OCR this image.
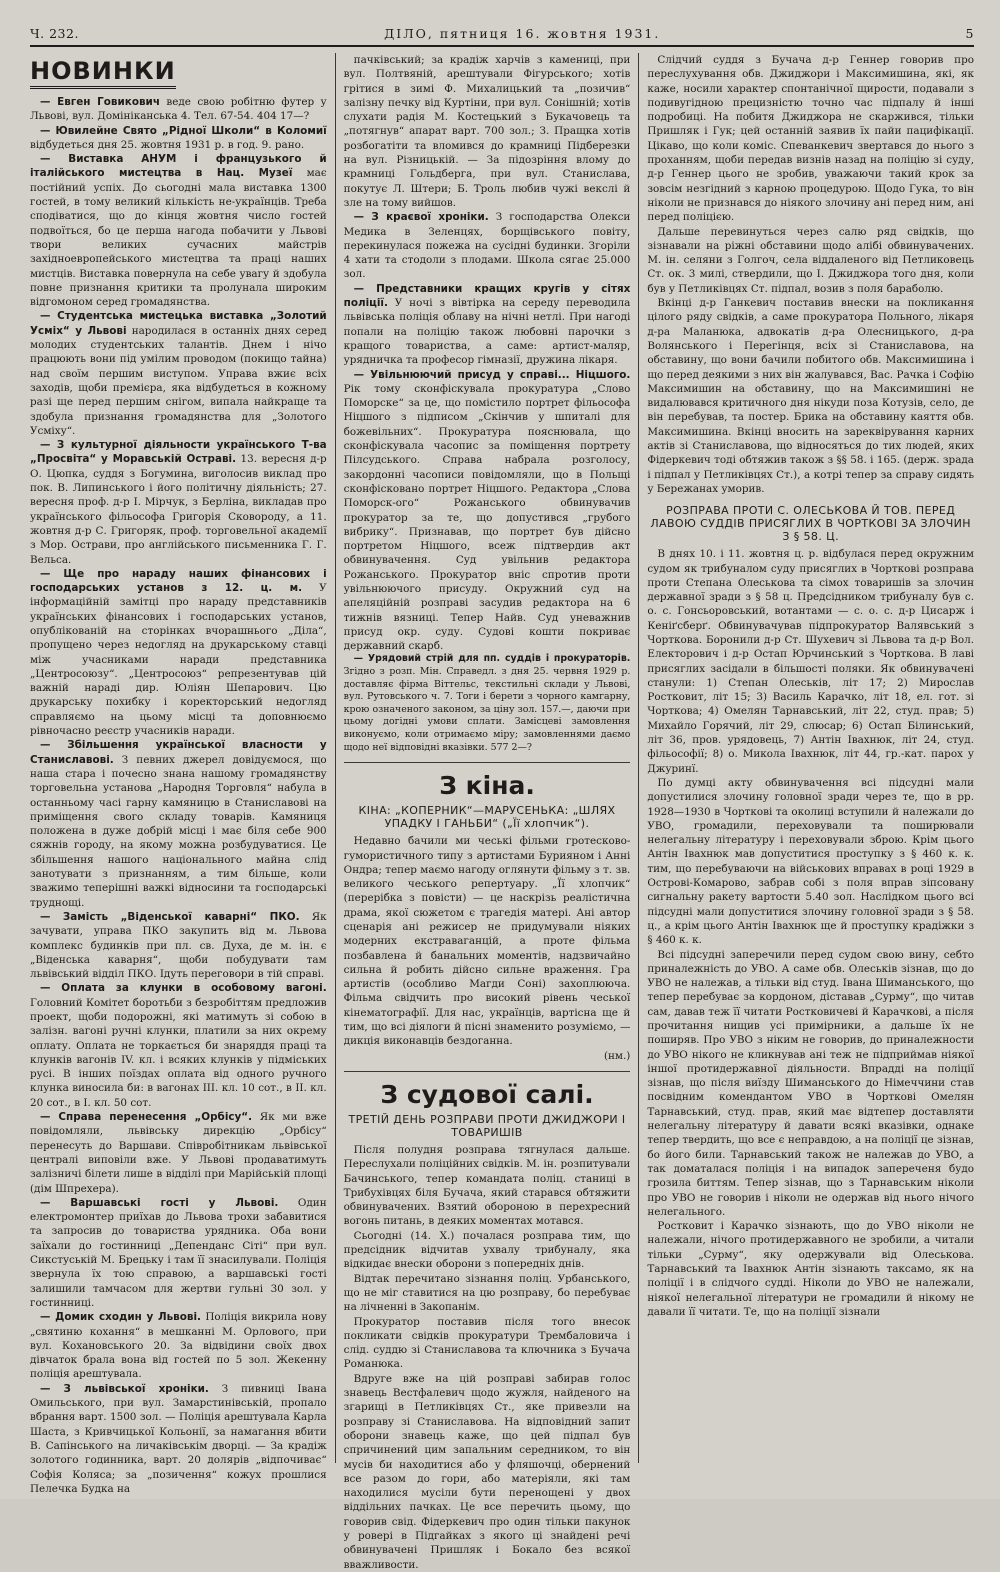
Ч. 232.	ДІЛО, пятниця 16. жовтня 1931.	5
НОВИНКИ

— Евген Говикович веде свою робітню футер у Львові, вул. Домініканська 4. Тел. 67-54. 404 17—?

— Ювилейне Свято „Рідної Школи“ в Коломиї відбудеться дня 25. жовтня 1931 р. в год. 9. рано.

— Виставка АНУМ і французького й італійського мистецтва в Нац. Музеї має постійний успіх. До сьогодні мала виставка 1300 гостей, в тому великий кількість не-українців. Треба сподіватися, що до кінця жовтня число гостей подвоїться, бо це перша нагода побачити у Львові твори великих сучасних майстрів західноевропейського мистецтва та праці наших мистців. Виставка повернула на себе увагу й здобула повне признання критики та пролунала широким відгомоном серед громадянства.

— Студентська мистецька виставка „Золотий Усміх“ у Львові народилася в останніх днях серед молодих студентських талантів. Днем і нічо працюють вони під умілим проводом (покищо тайна) над своїм першим виступом. Управа вжиє всіх заходів, щоби премієра, яка відбудеться в кожному разі ще перед першим снігом, випала найкраще та здобула признання громадянства для „Золотого Усміху“.

— З культурної діяльности українського Т-ва „Просвіта“ у Моравській Остраві. 13. вересня д-р О. Цюпка, суддя з Богумина, виголосив виклад про пок. В. Липинського і його політичну діяльність; 27. вересня проф. д-р І. Мірчук, з Берліна, викладав про українського фільософа Григорія Сковороду, а 11. жовтня д-р С. Григоряк, проф. торговельної академії з Мор. Острави, про англійського письменника Г. Г. Вельса.

— Ще про нараду наших фінансових і господарських установ з 12. ц. м. У інформаційній замітці про нараду представників українських фінансових і господарських установ, опублікованій на сторінках вчорашнього „Діла“, пропущено через недогляд на друкарському ставці між учасниками наради представника „Центросоюзу“. „Центросоюз“ репрезентував цій важній нараді дир. Юліян Шепарович. Цю друкарську похибку і коректорський недогляд справляємо на цьому місці та доповнюємо рівночасно реєстр учасників наради.

— Збільшення української власности у Станиславові. З певних джерел довідуємося, що наша стара і почесно знана нашому громадянству торговельна установа „Народня Торговля“ набула в останньому часі гарну камяницю в Станиславові на приміщення свого складу товарів. Камяниця положена в дуже добрій місці і має біля себе 900 сяжнів городу, на якому можна розбудуватися. Це збільшення нашого національного майна слід занотувати з признанням, а тим більше, коли зважимо теперішні важкі відносини та господарські труднощі.

— Замість „Віденської каварні“ ПКО. Як зачувати, управа ПКО закупить від м. Львова комплекс будинків при пл. св. Духа, де м. ін. є „Віденська каварня“, щоби побудувати там львівський відділ ПКО. Ідуть переговори в тій справі.

— Оплата за клунки в особовому вагоні. Головний Комітет боротьби з безробіттям предложив проект, щоби подорожні, які матимуть зі собою в залізн. вагоні ручні клунки, платили за них окрему оплату. Оплата не торкається би знаряддя праці та клунків вагонів IV. кл. і всяких клунків у підміських русі. В інших поїздах оплата від одного ручного клунка виносила би: в вагонах III. кл. 10 сот., в II. кл. 20 сот., в I. кл. 50 сот.

— Справа перенесення „Орбісу“. Як ми вже повідомляли, львівську дирекцію „Орбісу“ перенесуть до Варшави. Співробітникам львівської централі виповіли вже. У Львові продаватимуть залізничі білети лише в відділі при Марійській площі (дім Шпрехера).

— Варшавські гості у Львові. Один електромонтер приїхав до Львова трохи забавитися та запросив до товариства урядника. Оба вони заїхали до гостинниці „Депенданс Сіті“ при вул. Сикстуській М. Брецьку і там її знасилували. Поліція звернула їх тою справою, а варшавські гості залишили тамчасом для жертви гульні 30 зол. у гостинниці.

— Домик сходин у Львові. Поліція викрила нову „святиню кохання“ в мешканні М. Орлового, при вул. Кохановського 20. За відвідини своїх двох дівчаток брала вона від гостей по 5 зол. Жекенну поліція арештувала.

— З львівської хроніки. З пивниці Івана Омильського, при вул. Замарстинівській, пропало вбрання варт. 1500 зол. — Поліція арештувала Карла Шаста, з Кривчицької Кольонії, за намагання вбити В. Сапінського на личаківськім дворці. — За крадіж золотого годинника, варт. 20 долярів „відпочиває“ Софія Коляса; за „позичення“ кожух прошлися Пелечка Будка на

пачківський; за крадіж харчів з камениці, при вул. Полтвяній, арештували Фігурського; хотів грітися в зимі Ф. Михалицький та „позичив“ залізну печку від Куртіни, при вул. Сонішній; хотів слухати радія М. Костецький з Букачовець та „потягнув“ апарат варт. 700 зол.; З. Пращка хотів розбогатіти та вломився до крамниці Підберезки на вул. Різницькій. — За підозріння вломy до крамниці Гольдберга, при вул. Станислава, покутує Л. Штери; Б. Троль любив чужі векслі й зле на тому вийшов.

— З краєвої хроніки. З господарства Олекси Медика в Зеленцях, борщівського повіту, перекинулася пожежа на сусідні будинки. Згоріли 4 хати та стодоли з плодами. Школа сягає 25.000 зол.

— Представники кращих кругів у сітях поліції. У ночі з вівтірка на середу переводила львівська поліція облаву на нічні нетлі. При нагоді попали на поліцію також любовні парочки з кращого товариства, а саме: артист-маляр, урядничка та професор гімназії, дружина лікаря.

— Увільнюючий присуд у справі... Ніцшого. Рік тому сконфіскувала прокуратура „Слово Поморске“ за це, що помістило портрет фільософа Ніцшого з підписом „Скінчив у шпиталі для божевільних“. Прокуратура пояснювала, що сконфіскувала часопис за поміщення портрету Пілсудського. Справа набрала розголосу, закордонні часописи повідомляли, що в Польщі сконфісковано портрет Ніцшого. Редактора „Слова Поморск-ого“ Рожанського обвинувачив прокуратор за те, що допустився „грубого вибрику“. Признавав, що портрет був дійсно портретом Ніцшого, всеж підтвердив акт обвинувачення. Суд увільнив редактора Рожанського. Прокуратор вніс спротив проти увільнюючого присуду. Окружний суд на апеляційній розправі засудив редактора на 6 тижнів вязниці. Тепер Найв. Суд уневажнив присуд окр. суду. Судові кошти покриває державний скарб.

— Урядовий стрій для пп. суддів і прокураторів. Згідно з розп. Мін. Справедл. з дня 25. червня 1929 р. доставляє фірма Віттельс, текстильні склади у Львові, вул. Рутовського ч. 7. Тоги і берети з чорного камгарну, крою означеного законом, за ціну зол. 157.—, даючи при цьому догідні умови сплати. Замісцеві замовлення виконуємо, коли отримаємо міру; замовленнями даємо щодо неї відповідні вказівки. 577 2—?

З кіна.
КІНА: „КОПЕРНИК“—МАРУСЕНЬКА: „ШЛЯХ УПАДКУ І ГАНЬБИ“ („Її хлопчик“).

Недавно бачили ми чеські фільми гротесково-гумористичного типу з артистами Бурияном і Анні Ондра; тепер маємо нагоду оглянути фільму з т. зв. великого чеського репертуару. „Її хлопчик“ (перерібка з повісти) — це наскрізь реалістична драма, якої сюжетом є трагедія матері. Ані автор сценарія ані режисер не придумували ніяких модерних екстраваганцій, а проте фільма позбавлена й банальних моментів, надзвичайно сильна й робить дійсно сильне враження. Гра артистів (особливо Магди Соні) захоплююча. Фільма свідчить про високий рівень чеської кінематографії. Для нас, українців, вартісна ще й тим, що всі діялоги й пісні знаменито розуміємо, — дикція виконавців бездоганна.

(нм.)

З судової салі.
ТРЕТІЙ ДЕНЬ РОЗПРАВИ ПРОТИ ДЖИДЖОРИ І ТОВАРИШІВ

Після полудня розправа тягнулася дальше. Переслухали поліційних свідків. М. ін. розпитували Бачинського, тепер командата поліц. станиці в Трибухівцях біля Бучача, який старався обтяжити обвинувачених. Взятий обороною в перехресний вогонь питань, в деяких моментах мотався.

Сьогодні (14. X.) почалася розправа тим, що предсідник відчитав ухвалу трибуналу, яка відкидає внески оборони з попередніх днів.

Відтак перечитано зізнання поліц. Урбанського, що не міг ставитися на цю розправу, бо перебуває на лічненні в Закопанім.

Прокуратор поставив після того внесок покликати свідків прокуратури Трембаловича і слід. суддю зі Станиславова та ключника з Бучача Романюка.

Вдруге вже на цій розправі забирав голос знавець Вестфалевич щодо жужля, найденого на згарищі в Петликівцях Ст., яке привезли на розправу зі Станиславова. На відповідний запит оборони знавець каже, що цей підпал був спричинений цим запальним середником, то він мусів би находитися або у фляшочці, обернений все разом до гори, або матеріяли, які там находилися мусіли бути перенощені у двох віддільних пачках. Це все перечить цьому, що говорив свід. Фідеркевич про один тільки пакунок у ровері в Підгайках з якого ці знайдені речі обвинувачені Пришляк і Бокало без всякої вважливости.

Слідчий суддя з Бучача д-р Геннер говорив про переслухування обв. Джиджори і Максимишина, які, як каже, носили характер спонтанічної щирости, подавали з подивугідною прецизністю точно час підпалу й інші подробиці. На побитя Джиджора не скаржився, тільки Пришляк і Гук; цей останній заявив їх пайи пацифікації. Цікаво, що коли коміс. Спеванкевич звертався до нього з проханням, щоби передав визнів назад на поліцію зі суду, д-р Геннер цього не зробив, уважаючи такий крок за зовсім незгідний з карною процедурою. Щодо Гука, то він ніколи не признався до ніякого злочину ані перед ним, ані перед поліцією.

Дальше перевинуться через салю ряд свідків, що зізнавали на ріжні обставини щодо алібі обвинувачених. М. ін. селяни з Голгоч, села віддаленого від Петликовець Ст. ок. 3 милі, ствердили, що І. Джиджора того дня, коли був у Петликівцях Ст. підпал, возив з поля бараболю.

Вкінці д-р Ганкевич поставив внески на покликання цілого ряду свідків, а саме прокуратора Польного, лікаря д-ра Маланюка, адвокатів д-ра Олесницького, д-ра Волянського і Перегінця, всіх зі Станиславова, на обставину, що вони бачили побитого обв. Максимишина і що перед деякими з них він жалувався, Вас. Рачка і Софію Максимишин на обставину, що на Максимишині не видалювався критичного дня нікуди поза Котузів, село, де він перебував, та постер. Брика на обставину каяття обв. Максимишина. Вкінці вносить на зареквірування карних актів зі Станиславова, що відносяться до тих людей, яких Фідеркевич тоді обтяжив також з §§ 58. і 165. (держ. зрада і підпал у Петликівцях Ст.), а котрі тепер за справу сидять у Бережанах уморив.

РОЗПРАВА ПРОТИ С. ОЛЕСЬКОВА Й ТОВ. ПЕРЕД ЛАВОЮ СУДДІВ ПРИСЯГЛИХ В ЧОРТКОВІ ЗА ЗЛОЧИН З § 58. Ц.

В днях 10. і 11. жовтня ц. р. відбулася перед окружним судом як трибуналом суду присяглих в Чорткові розправа проти Степана Олеськова та сімох товаришів за злочин державної зради з § 58 ц. Предсідником трибуналу був с. о. с. Гонсьоровський, вотантами — с. о. с. д-р Цисарж і Кеніґсберґ. Обвинувачував підпрокуратор Валявський з Чорткова. Боронили д-р Ст. Шухевич зі Львова та д-р Вол. Електорович і д-р Остап Юрчинський з Чорткова. В лаві присяглих засідали в більшості поляки. Як обвинувачені станули: 1) Степан Олеськів, літ 17; 2) Мирослав Ростковит, літ 15; 3) Василь Карачко, літ 18, ел. гот. зі Чорткова; 4) Омелян Тарнавський, літ 22, студ. прав; 5) Михайло Горячий, літ 29, слюсар; 6) Остап Білинський, літ 36, пров. урядовець, 7) Антін Івахнюк, літ 24, студ. фільософії; 8) о. Микола Івахнюк, літ 44, гр.-кат. парох у Джуринї.

По думці акту обвинувачення всі підсудні мали допустилися злочину головної зради через те, що в рр. 1928—1930 в Чорткові та околиці вступили й належали до УВО, громадили, переховували та поширювали нелегальну літературу і переховували зброю. Крім цього Антін Івахнюк мав допуститися проступку з § 460 к. к. тим, що перебуваючи на військових вправах в році 1929 в Острові-Комарово, забрав собі з поля вправ зіпсовану сигнальну ракету вартости 5.40 зол. Наслідком цього всі підсудні мали допуститися злочину головної зради з § 58. ц., а крім цього Антін Івахнюк ще й проступку крадіжки з § 460 к. к.

Всі підсудні заперечили перед судом свою вину, себто приналежність до УВО. А саме обв. Олеськів зізнав, що до УВО не належав, а тільки від студ. Івана Шиманського, що тепер перебуває за кордоном, діставав „Сурму“, що читав сам, давав теж її читати Ростковичеві й Карачкові, а після прочитання нищив усі примірники, а дальше їх не поширяв. Про УВО з ніким не говорив, до приналежности до УВО нікого не кликнував ані теж не підприймав ніякої іншої протидержавної діяльности. Впрадді на поліції зізнав, що після виїзду Шиманського до Німеччини став посвідним комендантом УВО в Чорткові Омелян Тарнавський, студ. прав, який має відтепер доставляти нелегальну літературу й давати всякі вказівки, однаке тепер твердить, що все є неправдою, а на поліції це зізнав, бо його били. Тарнавський також не належав до УВО, а так доматалася поліція і на випадок запереченя будо грозила биттям. Тепер зізнав, що з Тарнавським ніколи про УВО не говорив і ніколи не одержав від нього нічого нелегального.

Ростковит і Карачко зізнають, що до УВО ніколи не належали, нічого протидержавного не зробили, а читали тільки „Сурму“, яку одержували від Олеськова. Тарнавський та Івахнюк Антін зізнають таксамо, як на поліції і в слідчого судді. Ніколи до УВО не належали, ніякої нелегальної літератури не громадили й нікому не давали її читати. Те, що на поліції зізнали
